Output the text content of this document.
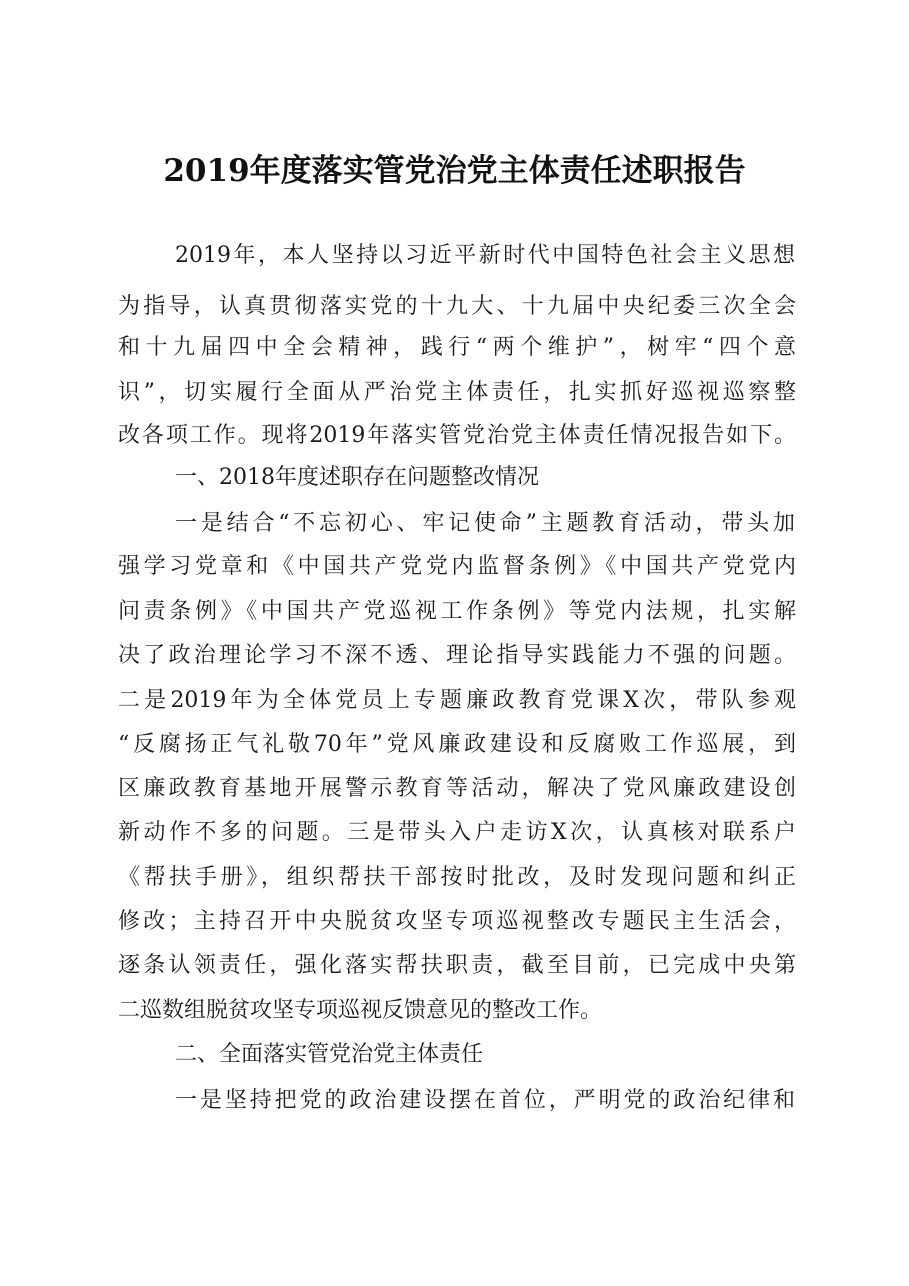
2019年度落实管党治党主体责任述职报告
2019年，本人坚持以习近平新时代中国特色社会主义思想
为指导，认真贯彻落实党的十九大、十九届中央纪委三次全会
和十九届四中全会精神，践行“两个维护”，树牢“四个意
识”，切实履行全面从严治党主体责任，扎实抓好巡视巡察整
改各项工作。现将2019年落实管党治党主体责任情况报告如下。
一、2018年度述职存在问题整改情况
一是结合“不忘初心、牢记使命”主题教育活动，带头加
强学习党章和《中国共产党党内监督条例》《中国共产党党内
问责条例》《中国共产党巡视工作条例》等党内法规，扎实解
决了政治理论学习不深不透、理论指导实践能力不强的问题。
二是2019年为全体党员上专题廉政教育党课X次，带队参观
“反腐扬正气礼敬70年”党风廉政建设和反腐败工作巡展，到
区廉政教育基地开展警示教育等活动，解决了党风廉政建设创
新动作不多的问题。三是带头入户走访X次，认真核对联系户
《帮扶手册》，组织帮扶干部按时批改，及时发现问题和纠正
修改；主持召开中央脱贫攻坚专项巡视整改专题民主生活会，
逐条认领责任，强化落实帮扶职责，截至目前，已完成中央第
二巡数组脱贫攻坚专项巡视反馈意见的整改工作。
二、全面落实管党治党主体责任
一是坚持把党的政治建设摆在首位，严明党的政治纪律和
